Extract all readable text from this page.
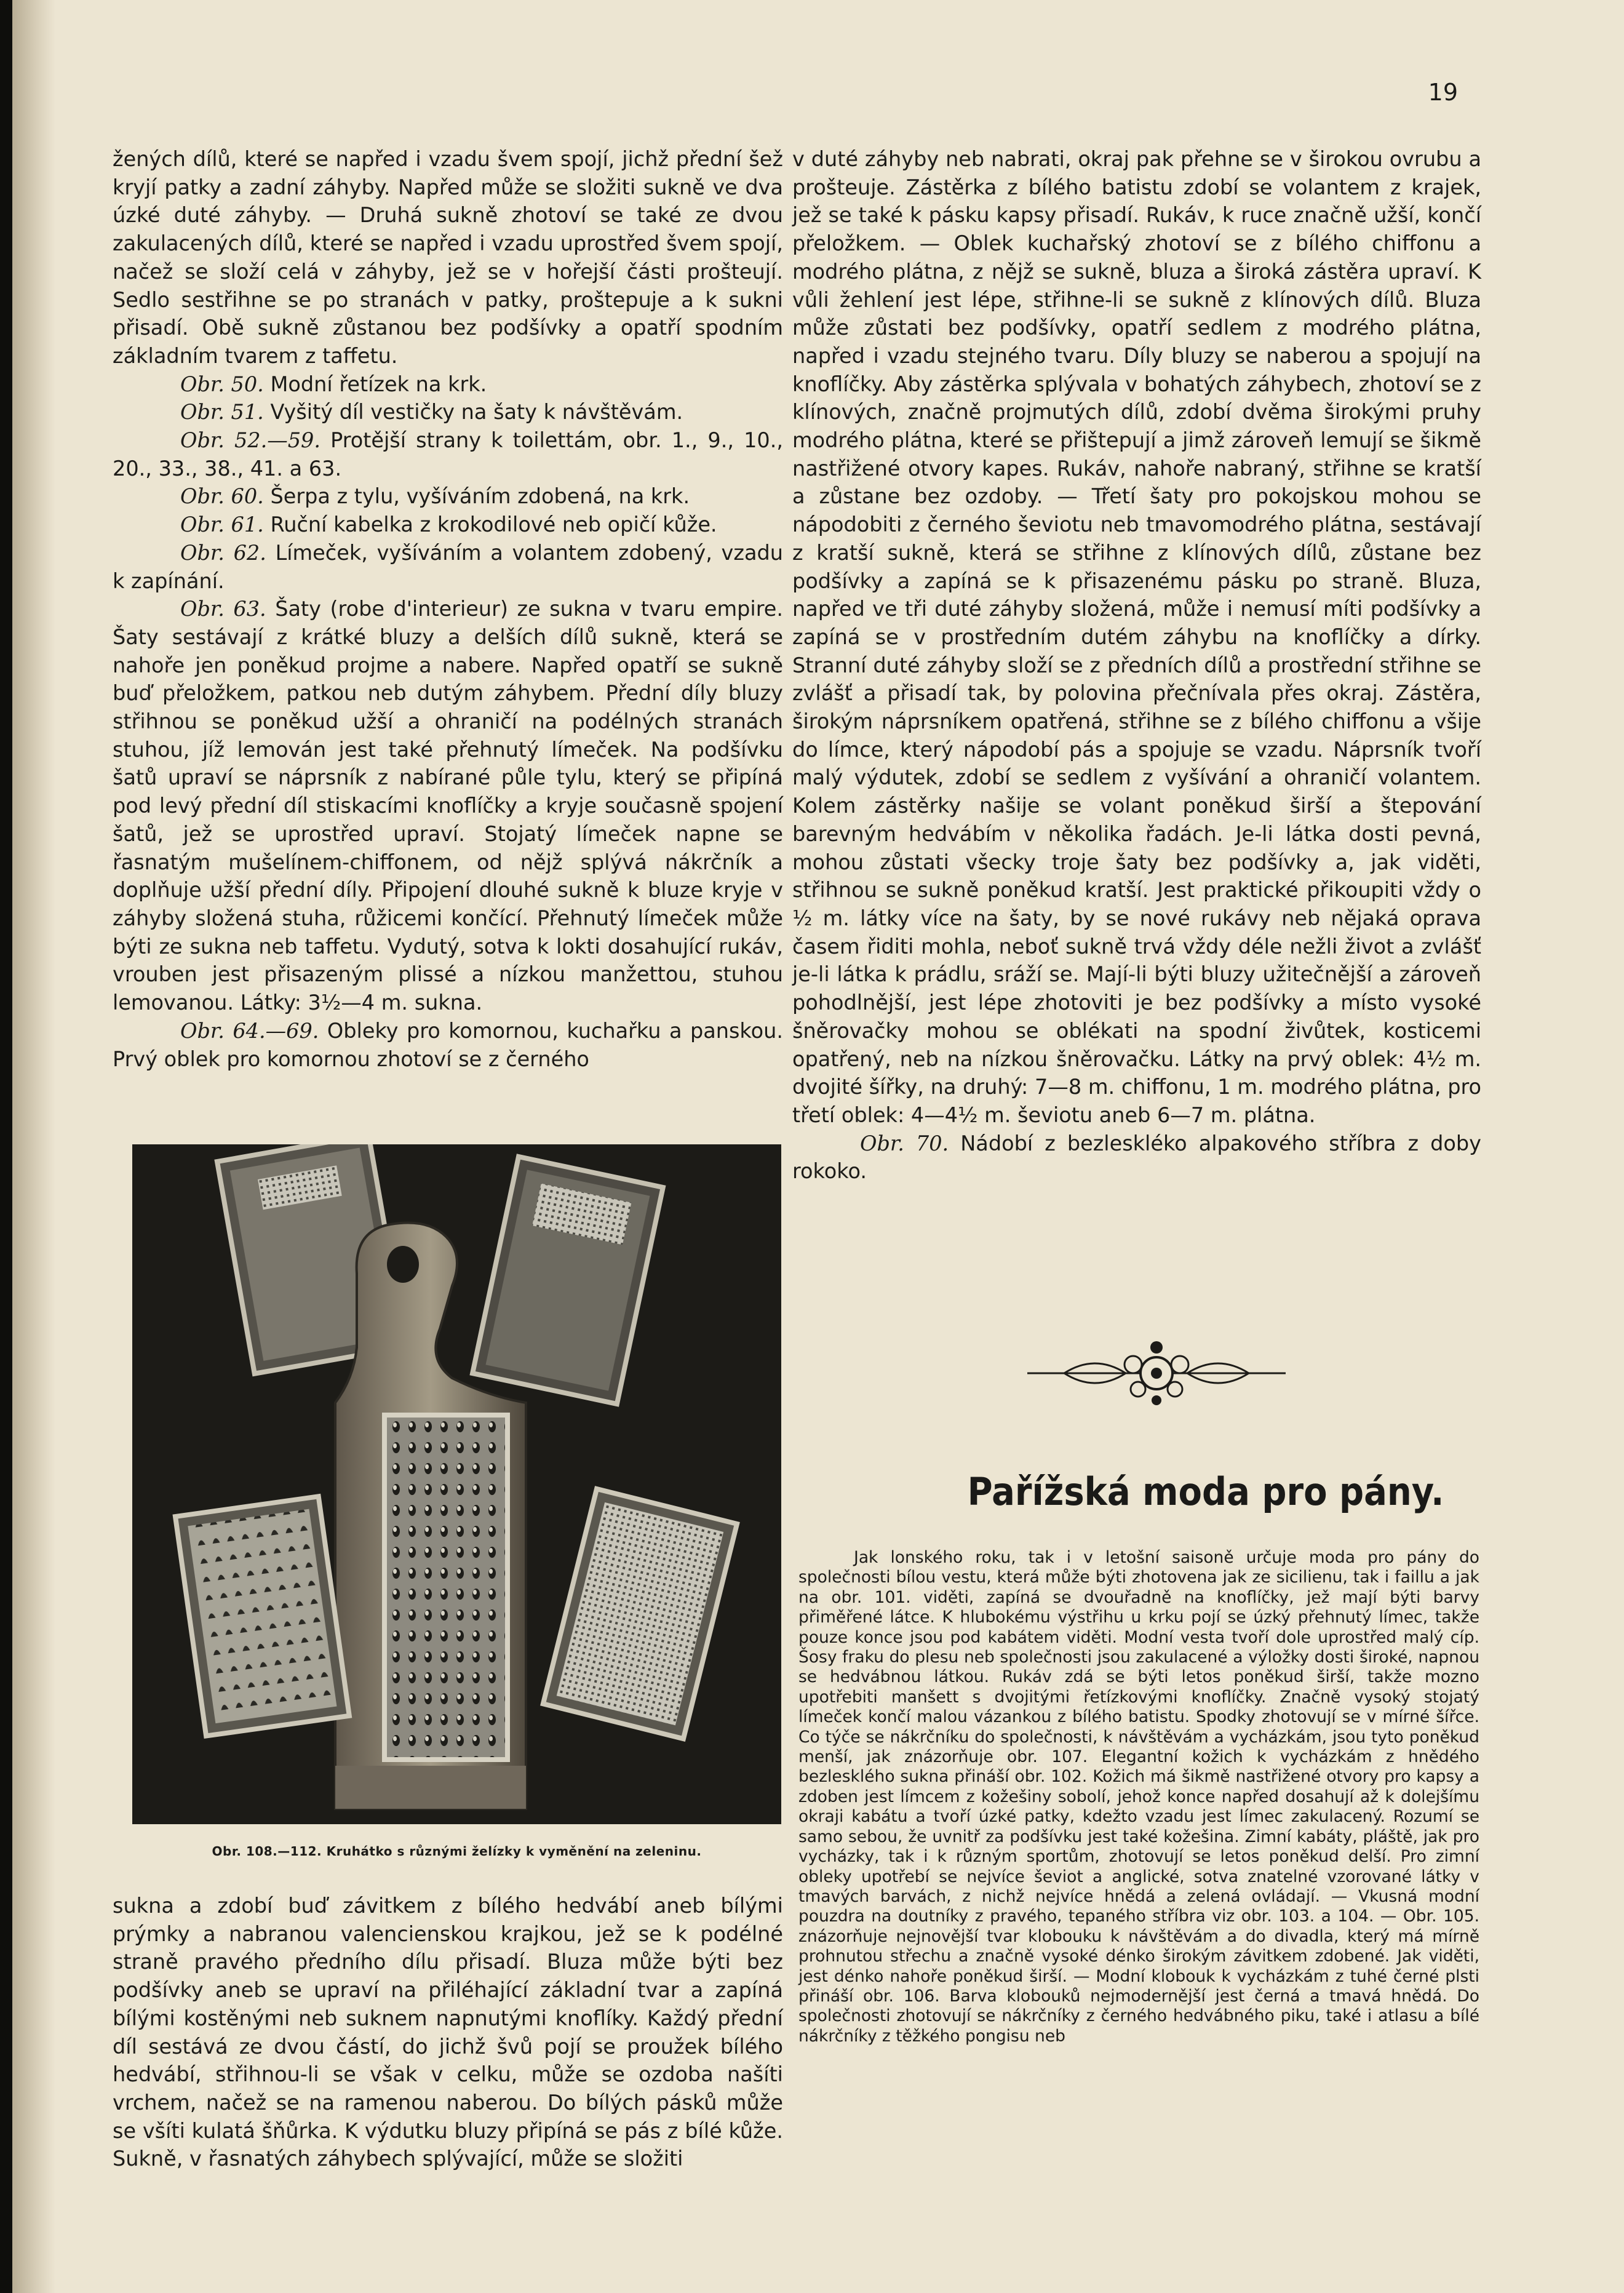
19

žených dílů, které se napřed i vzadu švem spojí, jichž přední šež kryjí patky a zadní záhyby. Napřed může se složiti sukně ve dva úzké duté záhyby. — Druhá sukně zhotoví se také ze dvou zakulacených dílů, které se napřed i vzadu uprostřed švem spojí, načež se složí celá v záhyby, jež se v hořejší části prošteují. Sedlo sestřihne se po stranách v patky, proštepuje a k sukni přisadí. Obě sukně zůstanou bez podšívky a opatří spodním základním tvarem z taffetu.

Obr. 50. Modní řetízek na krk.

Obr. 51. Vyšitý díl vestičky na šaty k návštěvám.

Obr. 52.—59. Protější strany k toilettám, obr. 1., 9., 10., 20., 33., 38., 41. a 63.

Obr. 60. Šerpa z tylu, vyšíváním zdobená, na krk.

Obr. 61. Ruční kabelka z krokodilové neb opičí kůže.

Obr. 62. Límeček, vyšíváním a volantem zdobený, vzadu k zapínání.

Obr. 63. Šaty (robe d'interieur) ze sukna v tvaru empire. Šaty sestávají z krátké bluzy a delších dílů sukně, která se nahoře jen poněkud projme a nabere. Napřed opatří se sukně buď přeložkem, patkou neb dutým záhybem. Přední díly bluzy střihnou se poněkud užší a ohraničí na podélných stranách stuhou, jíž lemován jest také přehnutý límeček. Na podšívku šatů upraví se náprsník z nabírané půle tylu, který se připíná pod levý přední díl stiskacími knoflíčky a kryje současně spojení šatů, jež se uprostřed upraví. Stojatý límeček napne se řasnatým mušelínem-chiffonem, od nějž splývá nákrčník a doplňuje užší přední díly. Připojení dlouhé sukně k bluze kryje v záhyby složená stuha, růžicemi končící. Přehnutý límeček může býti ze sukna neb taffetu. Vydutý, sotva k lokti dosahující rukáv, vrouben jest přisazeným plissé a nízkou manžettou, stuhou lemovanou. Látky: 3½—4 m. sukna.

Obr. 64.—69. Obleky pro komornou, kuchařku a panskou. Prvý oblek pro komornou zhotoví se z černého

Obr. 108.—112. Kruhátko s různými želízky k vyměnění na zeleninu.

sukna a zdobí buď závitkem z bílého hedvábí aneb bílými prýmky a nabranou valencienskou krajkou, jež se k podélné straně pravého předního dílu přisadí. Bluza může býti bez podšívky aneb se upraví na přiléhající základní tvar a zapíná bílými kostěnými neb suknem napnutými knoflíky. Každý přední díl sestává ze dvou částí, do jichž švů pojí se proužek bílého hedvábí, střihnou-li se však v celku, může se ozdoba našíti vrchem, načež se na ramenou naberou. Do bílých pásků může se všíti kulatá šňůrka. K výdutku bluzy připíná se pás z bílé kůže. Sukně, v řasnatých záhybech splývající, může se složiti

v duté záhyby neb nabrati, okraj pak přehne se v širokou ovrubu a prošteuje. Zástěrka z bílého batistu zdobí se volantem z krajek, jež se také k pásku kapsy přisadí. Rukáv, k ruce značně užší, končí přeložkem. — Oblek kuchařský zhotoví se z bílého chiffonu a modrého plátna, z nějž se sukně, bluza a široká zástěra upraví. K vůli žehlení jest lépe, střihne-li se sukně z klínových dílů. Bluza může zůstati bez podšívky, opatří sedlem z modrého plátna, napřed i vzadu stejného tvaru. Díly bluzy se naberou a spojují na knoflíčky. Aby zástěrka splývala v bohatých záhybech, zhotoví se z klínových, značně projmutých dílů, zdobí dvěma širokými pruhy modrého plátna, které se přištepují a jimž zároveň lemují se šikmě nastřižené otvory kapes. Rukáv, nahoře nabraný, střihne se kratší a zůstane bez ozdoby. — Třetí šaty pro pokojskou mohou se nápodobiti z černého ševiotu neb tmavomodrého plátna, sestávají z kratší sukně, která se střihne z klínových dílů, zůstane bez podšívky a zapíná se k přisazenému pásku po straně. Bluza, napřed ve tři duté záhyby složená, může i nemusí míti podšívky a zapíná se v prostředním dutém záhybu na knoflíčky a dírky. Stranní duté záhyby složí se z předních dílů a prostřední střihne se zvlášť a přisadí tak, by polovina přečnívala přes okraj. Zástěra, širokým náprsníkem opatřená, střihne se z bílého chiffonu a všije do límce, který nápodobí pás a spojuje se vzadu. Náprsník tvoří malý výdutek, zdobí se sedlem z vyšívání a ohraničí volantem. Kolem zástěrky našije se volant poněkud širší a štepování barevným hedvábím v několika řadách. Je-li látka dosti pevná, mohou zůstati všecky troje šaty bez podšívky a, jak viděti, střihnou se sukně poněkud kratší. Jest praktické přikoupiti vždy o ½ m. látky více na šaty, by se nové rukávy neb nějaká oprava časem řiditi mohla, neboť sukně trvá vždy déle nežli život a zvlášť je-li látka k prádlu, sráží se. Mají-li býti bluzy užitečnější a zároveň pohodlnější, jest lépe zhotoviti je bez podšívky a místo vysoké šněrovačky mohou se oblékati na spodní živůtek, kosticemi opatřený, neb na nízkou šněrovačku. Látky na prvý oblek: 4½ m. dvojité šířky, na druhý: 7—8 m. chiffonu, 1 m. modrého plátna, pro třetí oblek: 4—4½ m. ševiotu aneb 6—7 m. plátna.

Obr. 70. Nádobí z bezleskléko alpakového stříbra z doby rokoko.

Pařížská moda pro pány.

Jak lonského roku, tak i v letošní saisoně určuje moda pro pány do společnosti bílou vestu, která může býti zhotovena jak ze sicilienu, tak i faillu a jak na obr. 101. viděti, zapíná se dvouřadně na knoflíčky, jež mají býti barvy přiměřené látce. K hlubokému výstřihu u krku pojí se úzký přehnutý límec, takže pouze konce jsou pod kabátem viděti. Modní vesta tvoří dole uprostřed malý cíp. Šosy fraku do plesu neb společnosti jsou zakulacené a výložky dosti široké, napnou se hedvábnou látkou. Rukáv zdá se býti letos poněkud širší, takže mozno upotřebiti manšett s dvojitými řetízkovými knoflíčky. Značně vysoký stojatý límeček končí malou vázankou z bílého batistu. Spodky zhotovují se v mírné šířce. Co týče se nákrčníku do společnosti, k návštěvám a vycházkám, jsou tyto poněkud menší, jak znázorňuje obr. 107. Elegantní kožich k vycházkám z hnědého bezlesklého sukna přináší obr. 102. Kožich má šikmě nastřižené otvory pro kapsy a zdoben jest límcem z kožešiny sobolí, jehož konce napřed dosahují až k dolejšímu okraji kabátu a tvoří úzké patky, kdežto vzadu jest límec zakulacený. Rozumí se samo sebou, že uvnitř za podšívku jest také kožešina. Zimní kabáty, pláště, jak pro vycházky, tak i k různým sportům, zhotovují se letos poněkud delší. Pro zimní obleky upotřebí se nejvíce ševiot a anglické, sotva znatelné vzorované látky v tmavých barvách, z nichž nejvíce hnědá a zelená ovládají. — Vkusná modní pouzdra na doutníky z pravého, tepaného stříbra viz obr. 103. a 104. — Obr. 105. znázorňuje nejnovější tvar klobouku k návštěvám a do divadla, který má mírně prohnutou střechu a značně vysoké dénko širokým závitkem zdobené. Jak viděti, jest dénko nahoře poněkud širší. — Modní klobouk k vycházkám z tuhé černé plsti přináší obr. 106. Barva klobouků nejmodernější jest černá a tmavá hnědá. Do společnosti zhotovují se nákrčníky z černého hedvábného piku, také i atlasu a bílé nákrčníky z těžkého pongisu neb
